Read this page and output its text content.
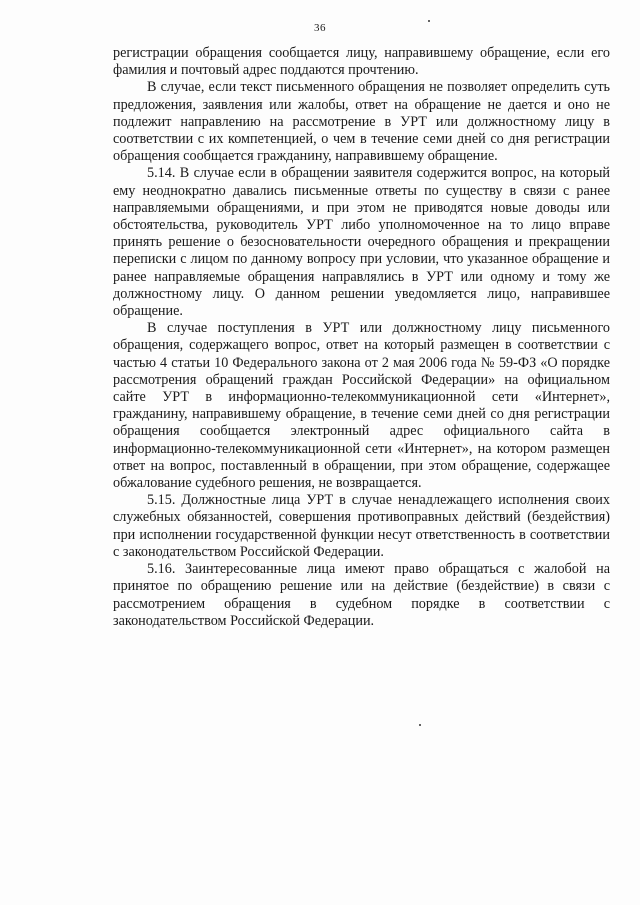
36

регистрации обращения сообщается лицу, направившему обращение, если его фамилия и почтовый адрес поддаются прочтению.

В случае, если текст письменного обращения не позволяет определить суть предложения, заявления или жалобы, ответ на обращение не дается и оно не подлежит направлению на рассмотрение в УРТ или должностному лицу в соответствии с их компетенцией, о чем в течение семи дней со дня регистрации обращения сообщается гражданину, направившему обращение.

5.14. В случае если в обращении заявителя содержится вопрос, на который ему неоднократно давались письменные ответы по существу в связи с ранее направляемыми обращениями, и при этом не приводятся новые доводы или обстоятельства, руководитель УРТ либо уполномоченное на то лицо вправе принять решение о безосновательности очередного обращения и прекращении переписки с лицом по данному вопросу при условии, что указанное обращение и ранее направляемые обращения направлялись в УРТ или одному и тому же должностному лицу. О данном решении уведомляется лицо, направившее обращение.

В случае поступления в УРТ или должностному лицу письменного обращения, содержащего вопрос, ответ на который размещен в соответствии с частью 4 статьи 10 Федерального закона от 2 мая 2006 года № 59-ФЗ «О порядке рассмотрения обращений граждан Российской Федерации» на официальном сайте УРТ в информационно-телекоммуникационной сети «Интернет», гражданину, направившему обращение, в течение семи дней со дня регистрации обращения сообщается электронный адрес официального сайта в информационно-телекоммуникационной сети «Интернет», на котором размещен ответ на вопрос, поставленный в обращении, при этом обращение, содержащее обжалование судебного решения, не возвращается.

5.15. Должностные лица УРТ в случае ненадлежащего исполнения своих служебных обязанностей, совершения противоправных действий (бездействия) при исполнении государственной функции несут ответственность в соответствии с законодательством Российской Федерации.

5.16. Заинтересованные лица имеют право обращаться с жалобой на принятое по обращению решение или на действие (бездействие) в связи с рассмотрением обращения в судебном порядке в соответствии с законодательством Российской Федерации.
